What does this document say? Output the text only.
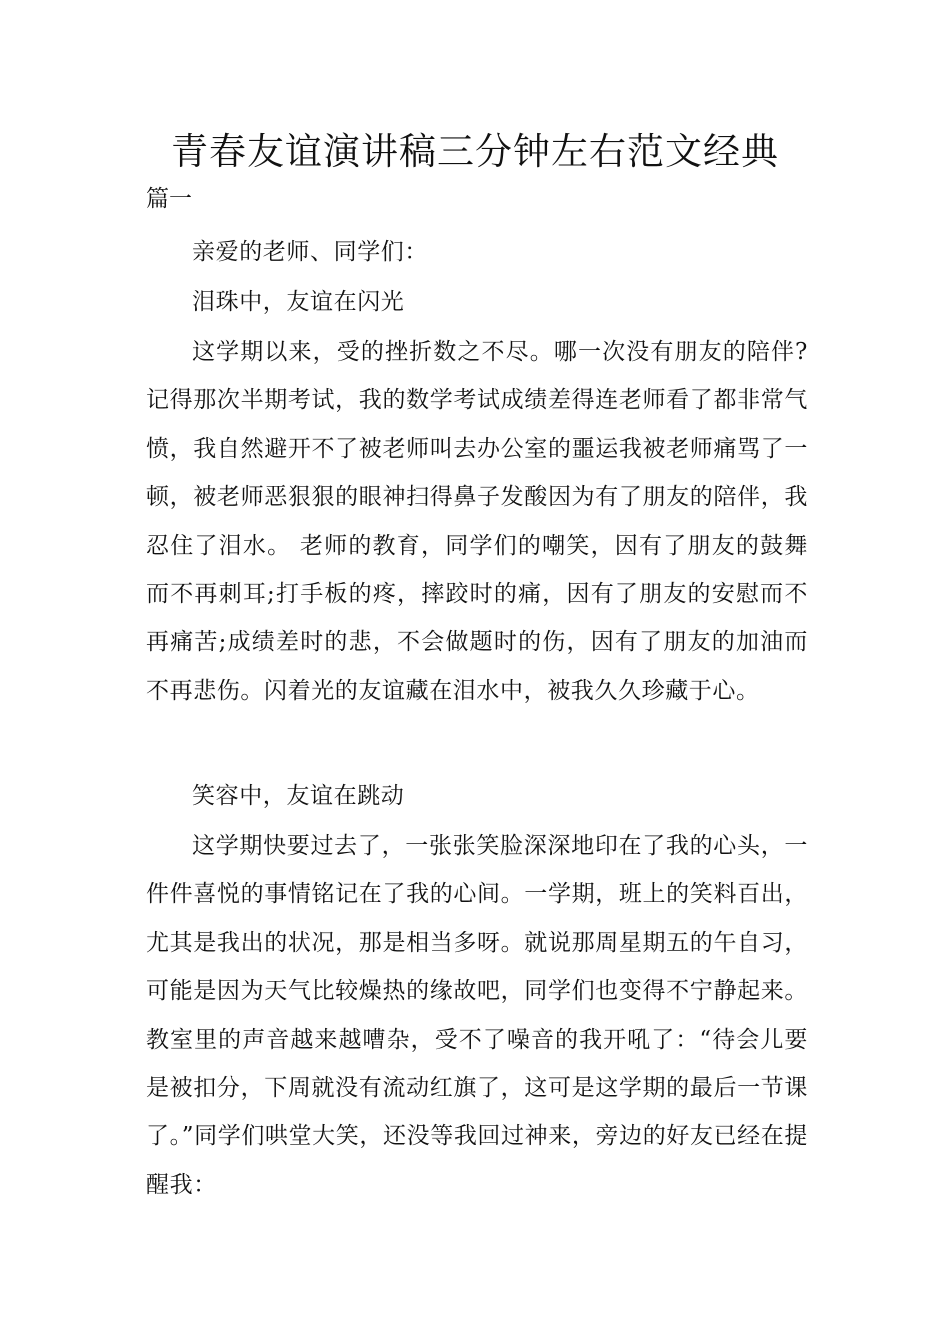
青春友谊演讲稿三分钟左右范文经典
篇一

亲爱的老师、同学们：

泪珠中，友谊在闪光

这学期以来，受的挫折数之不尽。哪一次没有朋友的陪伴?记得那次半期考试，我的数学考试成绩差得连老师看了都非常气愤，我自然避开不了被老师叫去办公室的噩运我被老师痛骂了一顿，被老师恶狠狠的眼神扫得鼻子发酸因为有了朋友的陪伴，我忍住了泪水。 老师的教育，同学们的嘲笑，因有了朋友的鼓舞而不再刺耳;打手板的疼，摔跤时的痛，因有了朋友的安慰而不再痛苦;成绩差时的悲，不会做题时的伤，因有了朋友的加油而不再悲伤。闪着光的友谊藏在泪水中，被我久久珍藏于心。

笑容中，友谊在跳动

这学期快要过去了，一张张笑脸深深地印在了我的心头，一件件喜悦的事情铭记在了我的心间。一学期，班上的笑料百出，尤其是我出的状况，那是相当多呀。就说那周星期五的午自习，可能是因为天气比较燥热的缘故吧，同学们也变得不宁静起来。 教室里的声音越来越嘈杂，受不了噪音的我开吼了：“待会儿要是被扣分，下周就没有流动红旗了，这可是这学期的最后一节课了。”同学们哄堂大笑，还没等我回过神来，旁边的好友已经在提醒我：
